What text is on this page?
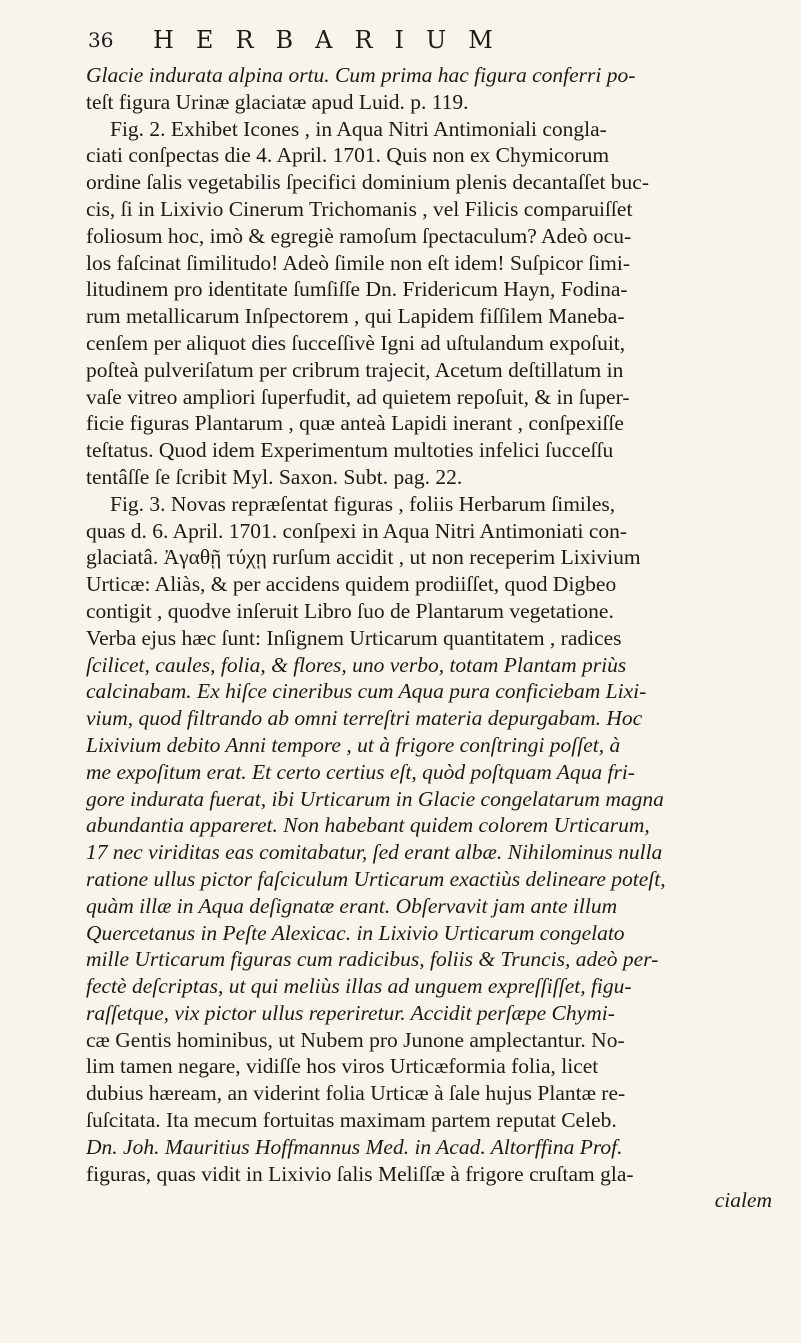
36 HERBARIUM
Glacie indurata alpina ortu. Cum prima hac figura conferri po-
teſt figura Urinæ glaciatæ apud Luid. p. 119.
Fig. 2. Exhibet Icones , in Aqua Nitri Antimoniali congla-
ciati conſpectas die 4. April. 1701. Quis non ex Chymicorum
ordine ſalis vegetabilis ſpecifici dominium plenis decantaſſet buc-
cis, ſi in Lixivio Cinerum Trichomanis , vel Filicis comparuiſſet
foliosum hoc, imò & egregiè ramoſum ſpectaculum? Adeò ocu-
los faſcinat ſimilitudo! Adeò ſimile non eſt idem! Suſpicor ſimi-
litudinem pro identitate ſumſiſſe Dn. Fridericum Hayn, Fodina-
rum metallicarum Inſpectorem , qui Lapidem fiſſilem Maneba-
cenſem per aliquot dies ſucceſſivè Igni ad uſtulandum expoſuit,
poſteà pulveriſatum per cribrum trajecit, Acetum deſtillatum in
vaſe vitreo ampliori ſuperfudit, ad quietem repoſuit, & in ſuper-
ficie figuras Plantarum , quæ anteà Lapidi inerant , conſpexiſſe
teſtatus. Quod idem Experimentum multoties infelici ſucceſſu
tentâſſe ſe ſcribit Myl. Saxon. Subt. pag. 22.
Fig. 3. Novas repræſentat figuras , foliis Herbarum ſimiles,
quas d. 6. April. 1701. conſpexi in Aqua Nitri Antimoniati con-
glaciatâ. Ἀγαθῇ τύχῃ rurſum accidit , ut non receperim Lixivium
Urticæ: Aliàs, & per accidens quidem prodiiſſet, quod Digbeo
contigit , quodve inſeruit Libro ſuo de Plantarum vegetatione.
Verba ejus hæc ſunt: Inſignem Urticarum quantitatem , radices
ſcilicet, caules, folia, & flores, uno verbo, totam Plantam priùs
calcinabam. Ex hiſce cineribus cum Aqua pura conficiebam Lixi-
vium, quod filtrando ab omni terreſtri materia depurgabam. Hoc
Lixivium debito Anni tempore , ut à frigore conſtringi poſſet, à
me expoſitum erat. Et certo certius eſt, quòd poſtquam Aqua fri-
gore indurata fuerat, ibi Urticarum in Glacie congelatarum magna
abundantia appareret. Non habebant quidem colorem Urticarum,
17 nec viriditas eas comitabatur, ſed erant albæ. Nihilominus nulla
ratione ullus pictor faſciculum Urticarum exactiùs delineare poteſt,
quàm illæ in Aqua deſignatæ erant. Obſervavit jam ante illum
Quercetanus in Peſte Alexicac. in Lixivio Urticarum congelato
mille Urticarum figuras cum radicibus, foliis & Truncis, adeò per-
fectè deſcriptas, ut qui meliùs illas ad unguem expreſſiſſet, figu-
raſſetque, vix pictor ullus reperiretur. Accidit perſæpe Chymi-
cæ Gentis hominibus, ut Nubem pro Junone amplectantur. No-
lim tamen negare, vidiſſe hos viros Urticæformia folia, licet
dubius hæream, an viderint folia Urticæ à ſale hujus Plantæ re-
ſuſcitata. Ita mecum fortuitas maximam partem reputat Celeb.
Dn. Joh. Mauritius Hoffmannus Med. in Acad. Altorffina Prof.
figuras, quas vidit in Lixivio ſalis Meliſſæ à frigore cruſtam gla-
cialem
